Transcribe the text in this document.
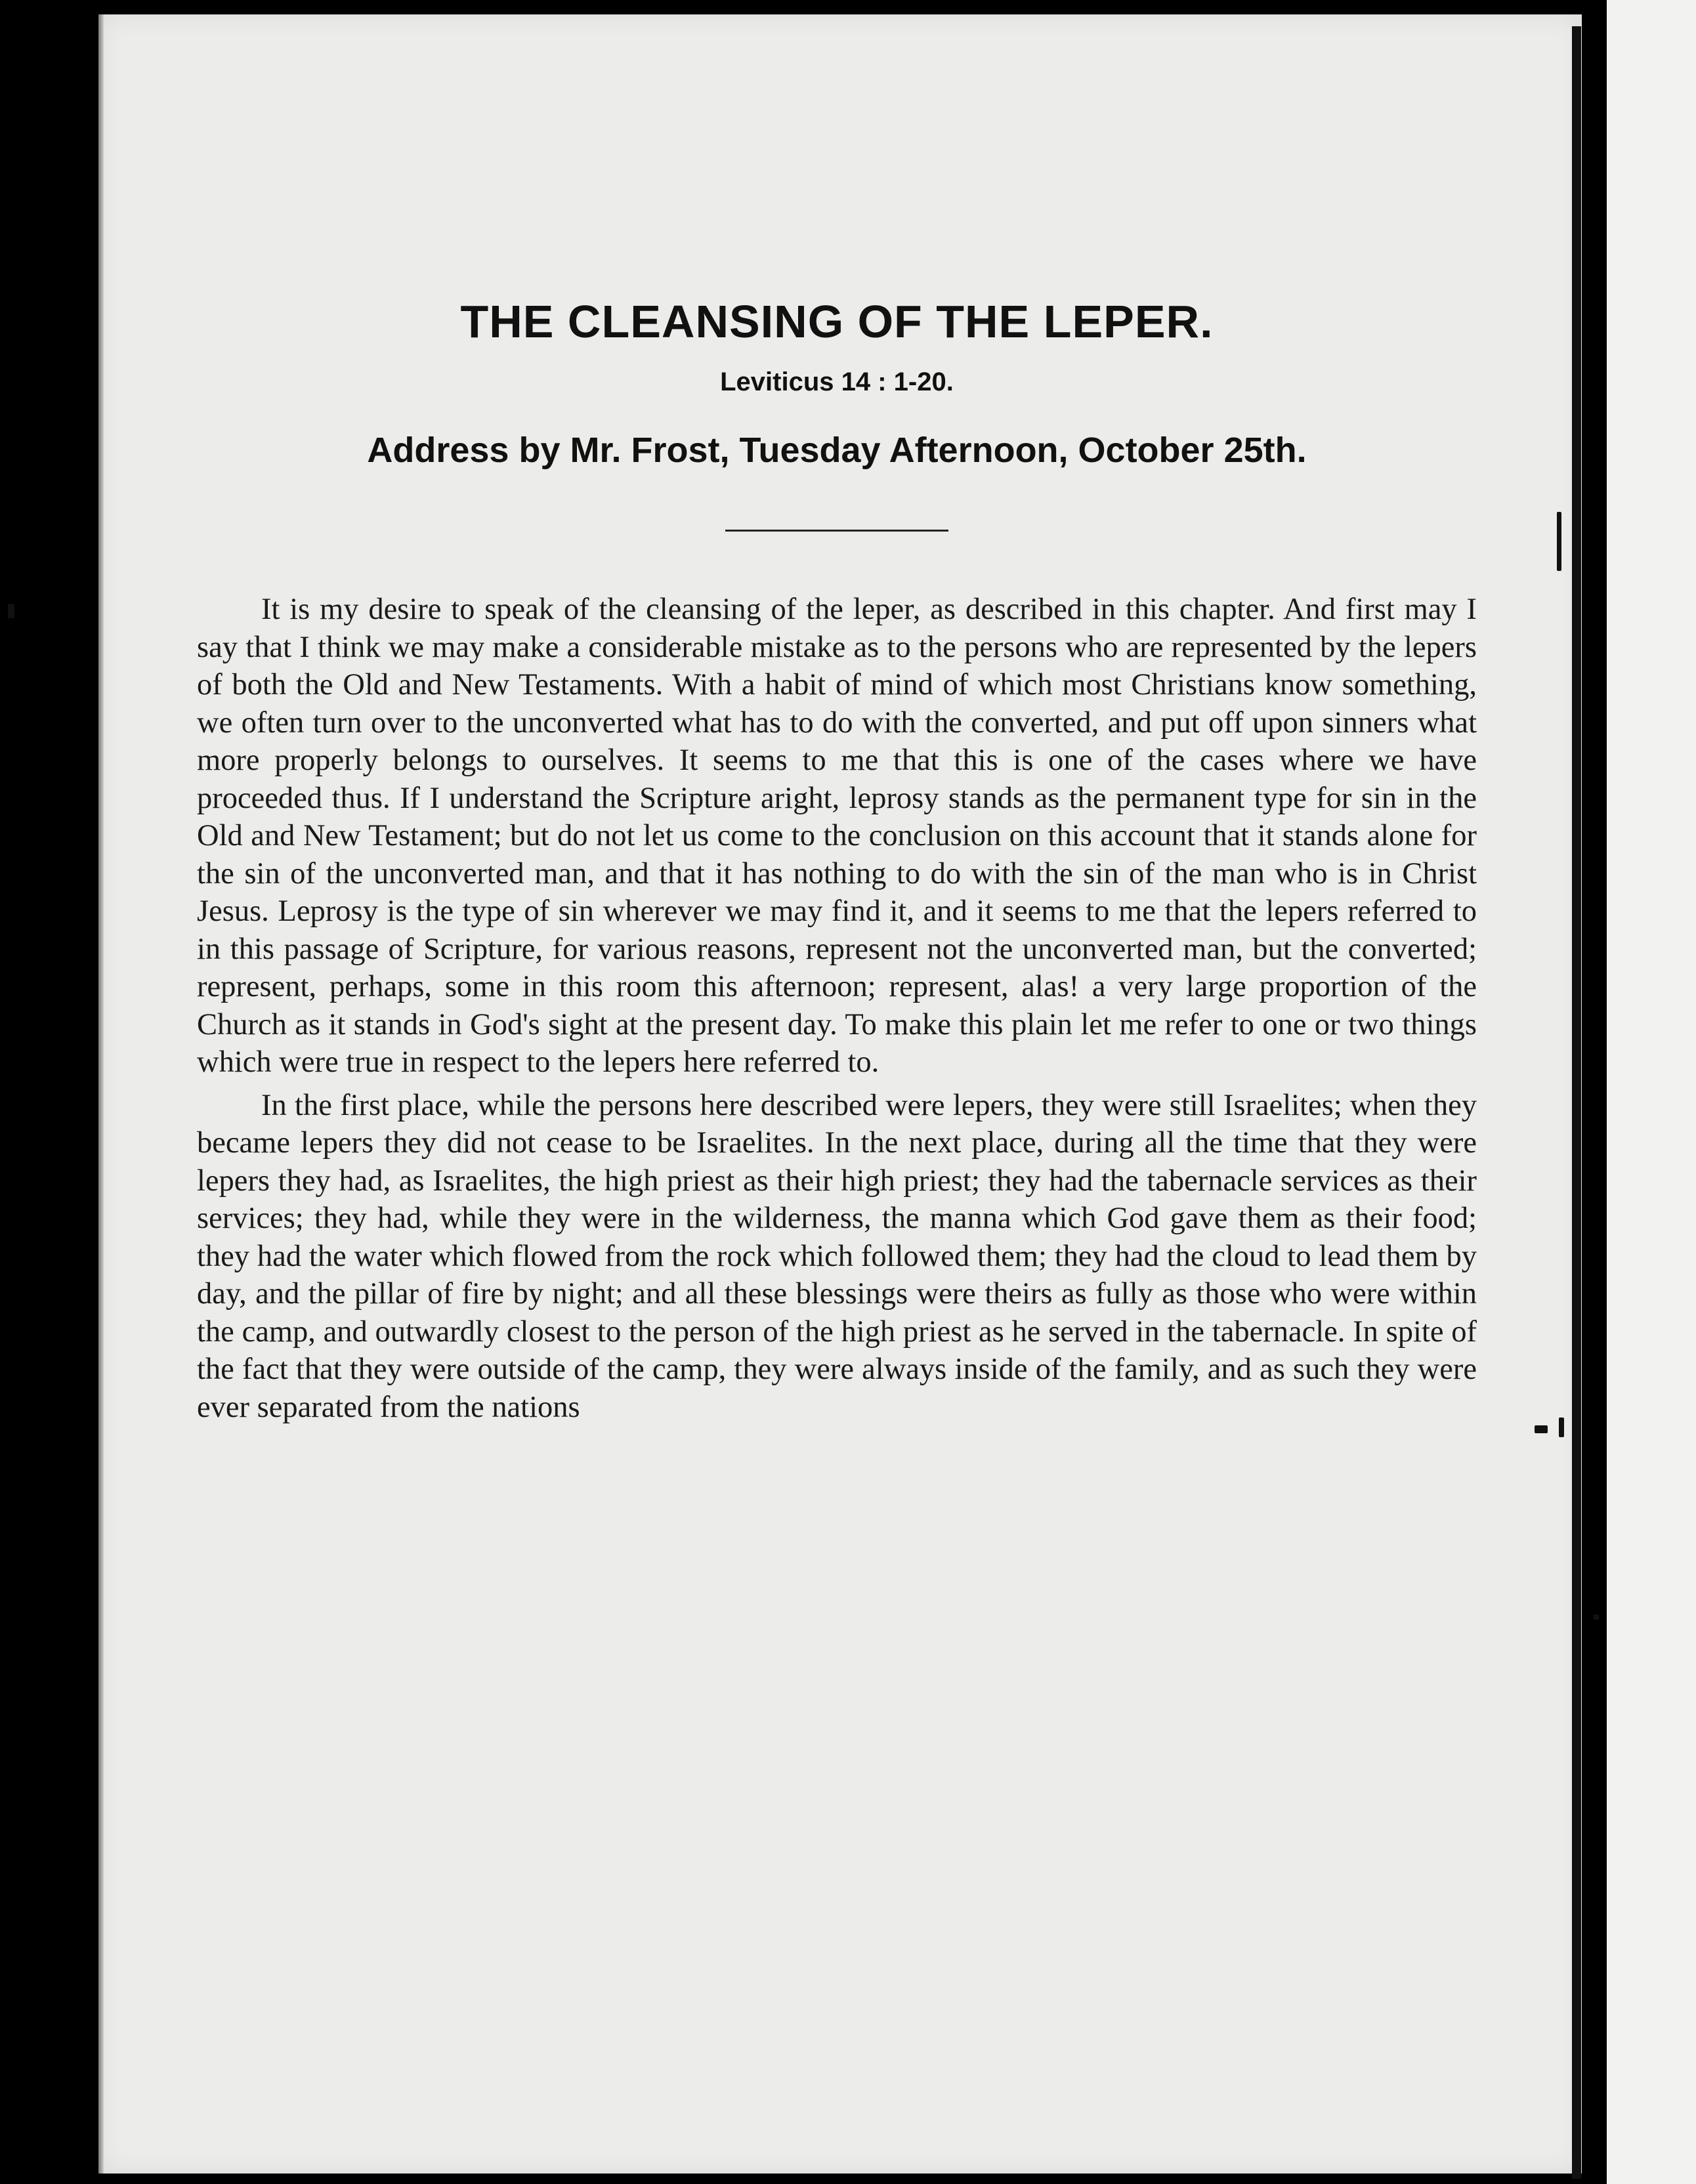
THE CLEANSING OF THE LEPER.
Leviticus 14 : 1-20.
Address by Mr. Frost, Tuesday Afternoon, October 25th.

It is my desire to speak of the cleansing of the leper, as described in this chapter. And first may I say that I think we may make a considerable mistake as to the persons who are represented by the lepers of both the Old and New Testaments. With a habit of mind of which most Christians know something, we often turn over to the unconverted what has to do with the converted, and put off upon sinners what more properly belongs to ourselves. It seems to me that this is one of the cases where we have proceeded thus. If I understand the Scripture aright, leprosy stands as the permanent type for sin in the Old and New Testament; but do not let us come to the conclusion on this account that it stands alone for the sin of the unconverted man, and that it has nothing to do with the sin of the man who is in Christ Jesus. Leprosy is the type of sin wherever we may find it, and it seems to me that the lepers referred to in this passage of Scripture, for various reasons, represent not the unconverted man, but the converted; represent, perhaps, some in this room this afternoon; represent, alas! a very large proportion of the Church as it stands in God's sight at the present day. To make this plain let me refer to one or two things which were true in respect to the lepers here referred to.

In the first place, while the persons here described were lepers, they were still Israelites; when they became lepers they did not cease to be Israelites. In the next place, during all the time that they were lepers they had, as Israelites, the high priest as their high priest; they had the tabernacle services as their services; they had, while they were in the wilderness, the manna which God gave them as their food; they had the water which flowed from the rock which followed them; they had the cloud to lead them by day, and the pillar of fire by night; and all these blessings were theirs as fully as those who were within the camp, and outwardly closest to the person of the high priest as he served in the tabernacle. In spite of the fact that they were outside of the camp, they were always inside of the family, and as such they were ever separated from the nations
